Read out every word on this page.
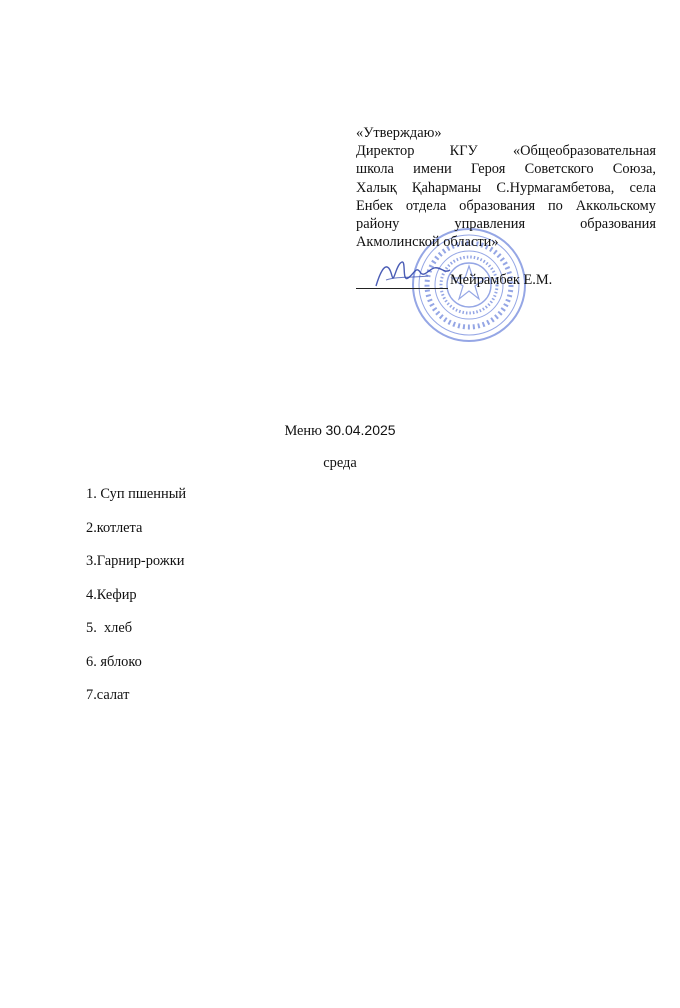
«Утверждаю»
Директор КГУ «Общеобразовательная
школа имени Героя Советского Союза,
Халық Қаһарманы С.Нурмагамбетова, села
Енбек отдела образования по Аккольскому
району управления образования
Акмолинской области»
Мейрамбек Е.М.
Меню 30.04.2025
среда
1. Суп пшенный
2.котлета
3.Гарнир-рожки
4.Кефир
5.  хлеб
6. яблоко
7.салат
